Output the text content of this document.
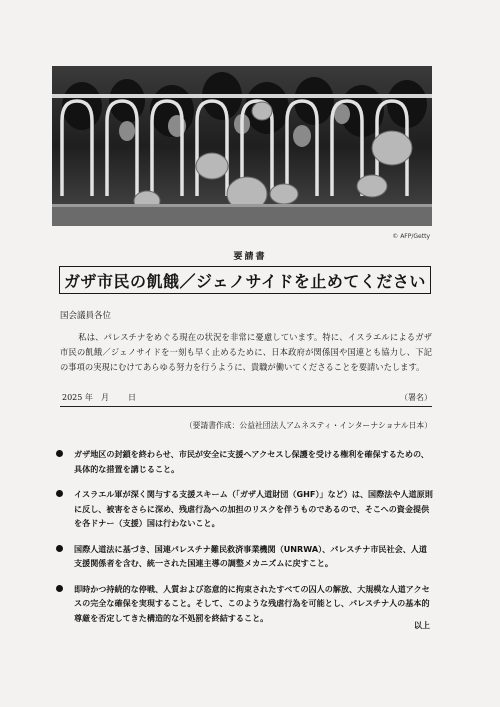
© AFP/Getty
要請書
ガザ市民の飢餓／ジェノサイドを止めてください
国会議員各位
私は、パレスチナをめぐる現在の状況を非常に憂慮しています。特に、イスラエルによるガザ市民の飢餓／ジェノサイドを一刻も早く止めるために、日本政府が関係国や国連とも協力し、下記の事項の実現にむけてあらゆる努力を行うように、貴職が働いてくださることを要請いたします。
2025 年 月 日	（署名）
（要請書作成：公益社団法人アムネスティ・インターナショナル日本）
ガザ地区の封鎖を終わらせ、市民が安全に支援へアクセスし保護を受ける権利を確保するための、具体的な措置を講じること。
イスラエル軍が深く関与する支援スキーム（「ガザ人道財団（GHF）」など）は、国際法や人道原則に反し、被害をさらに深め、残虐行為への加担のリスクを伴うものであるので、そこへの資金提供を各ドナー（支援）国は行わないこと。
国際人道法に基づき、国連パレスチナ難民救済事業機関（UNRWA）、パレスチナ市民社会、人道支援関係者を含む、統一された国連主導の調整メカニズムに戻すこと。
即時かつ持続的な停戦、人質および恣意的に拘束されたすべての囚人の解放、大規模な人道アクセスの完全な確保を実現すること。そして、このような残虐行為を可能とし、パレスチナ人の基本的尊厳を否定してきた構造的な不処罰を終結すること。
以上
